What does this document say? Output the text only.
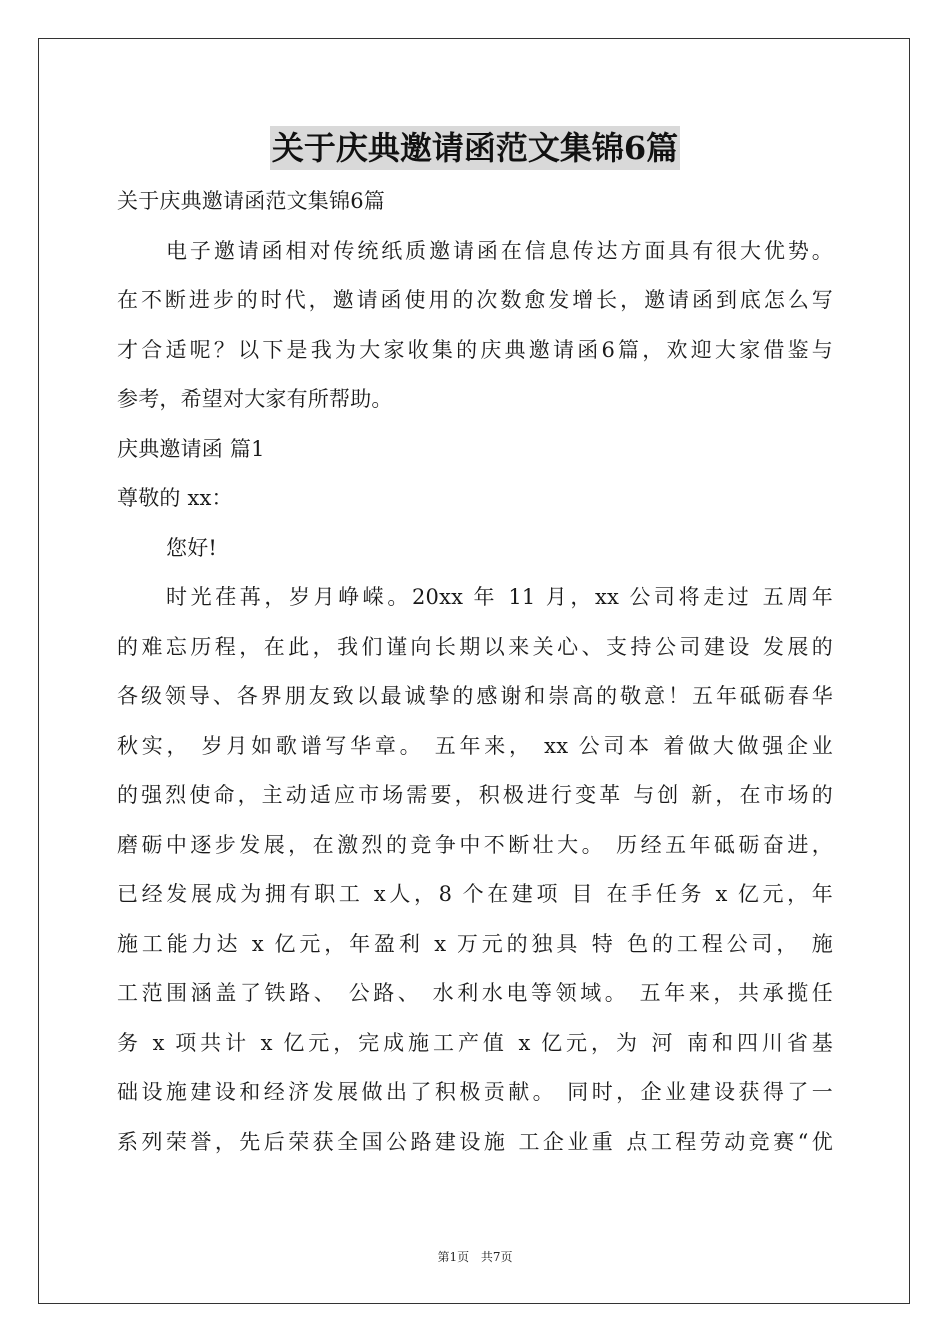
关于庆典邀请函范文集锦6篇
关于庆典邀请函范文集锦6篇
电子邀请函相对传统纸质邀请函在信息传达方面具有很大优势。
在不断进步的时代，邀请函使用的次数愈发增长，邀请函到底怎么写
才合适呢？以下是我为大家收集的庆典邀请函6篇，欢迎大家借鉴与
参考，希望对大家有所帮助。
庆典邀请函 篇1
尊敬的 xx：
您好!
时光荏苒，岁月峥嵘。20xx 年 11 月，xx 公司将走过 五周年
的难忘历程，在此，我们谨向长期以来关心、支持公司建设 发展的
各级领导、各界朋友致以最诚挚的感谢和崇高的敬意！五年砥砺春华
秋实， 岁月如歌谱写华章。 五年来， xx 公司本 着做大做强企业
的强烈使命，主动适应市场需要，积极进行变革 与创 新，在市场的
磨砺中逐步发展，在激烈的竞争中不断壮大。 历经五年砥砺奋进，
已经发展成为拥有职工 x人，8 个在建项 目 在手任务 x 亿元，年
施工能力达 x 亿元，年盈利 x 万元的独具 特 色的工程公司， 施
工范围涵盖了铁路、 公路、 水利水电等领域。 五年来，共承揽任
务 x 项共计 x 亿元，完成施工产值 x 亿元，为 河 南和四川省基
础设施建设和经济发展做出了积极贡献。 同时，企业建设获得了一
系列荣誉，先后荣获全国公路建设施 工企业重 点工程劳动竞赛“优
第1页 共7页
